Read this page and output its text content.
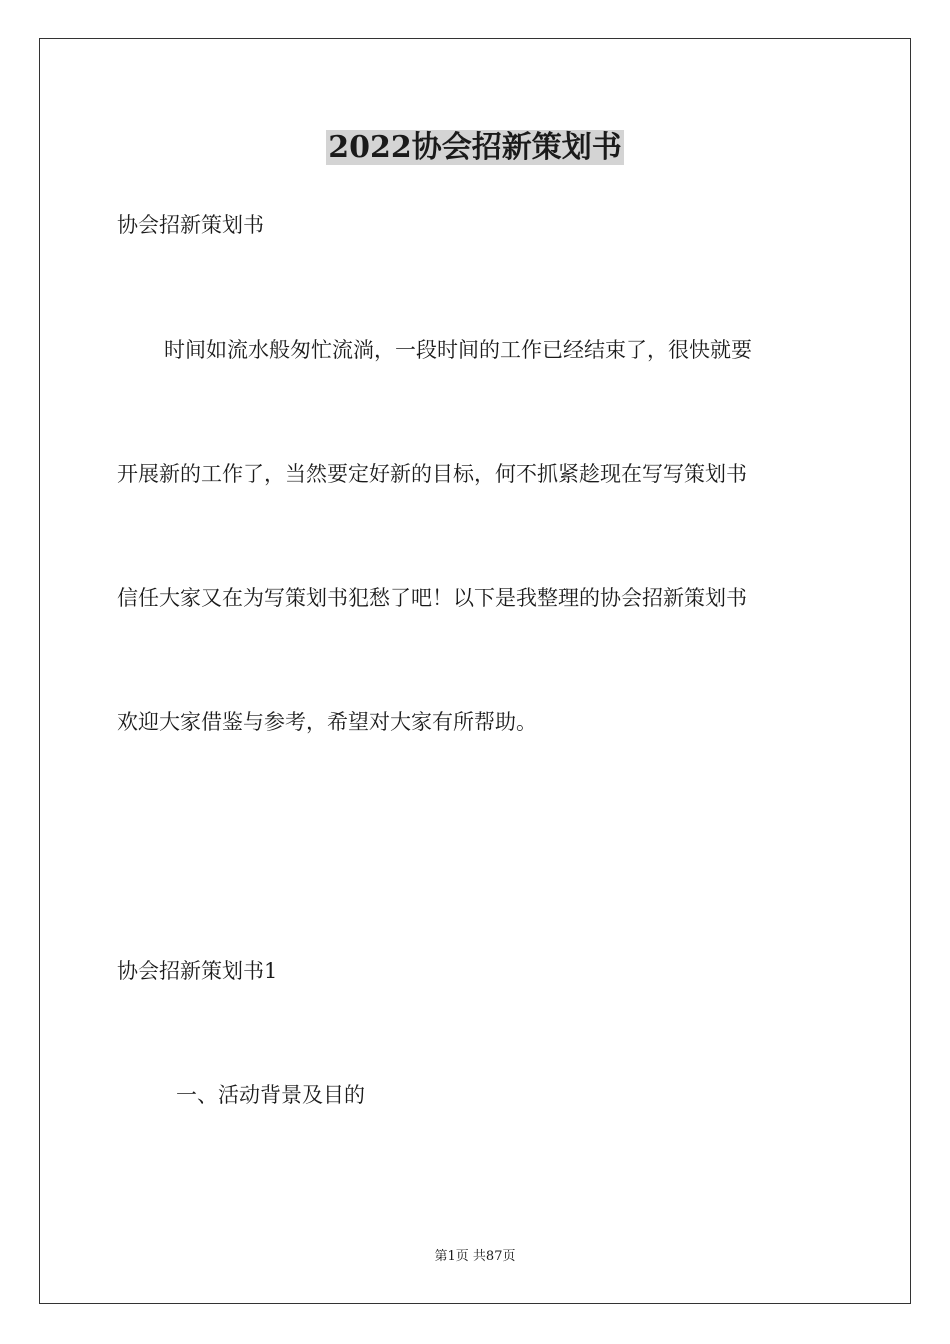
2022协会招新策划书
协会招新策划书
时间如流水般匆忙流淌，一段时间的工作已经结束了，很快就要
开展新的工作了，当然要定好新的目标，何不抓紧趁现在写写策划书
信任大家又在为写策划书犯愁了吧！以下是我整理的协会招新策划书
欢迎大家借鉴与参考，希望对大家有所帮助。
协会招新策划书1
一、活动背景及目的
第1页 共87页
